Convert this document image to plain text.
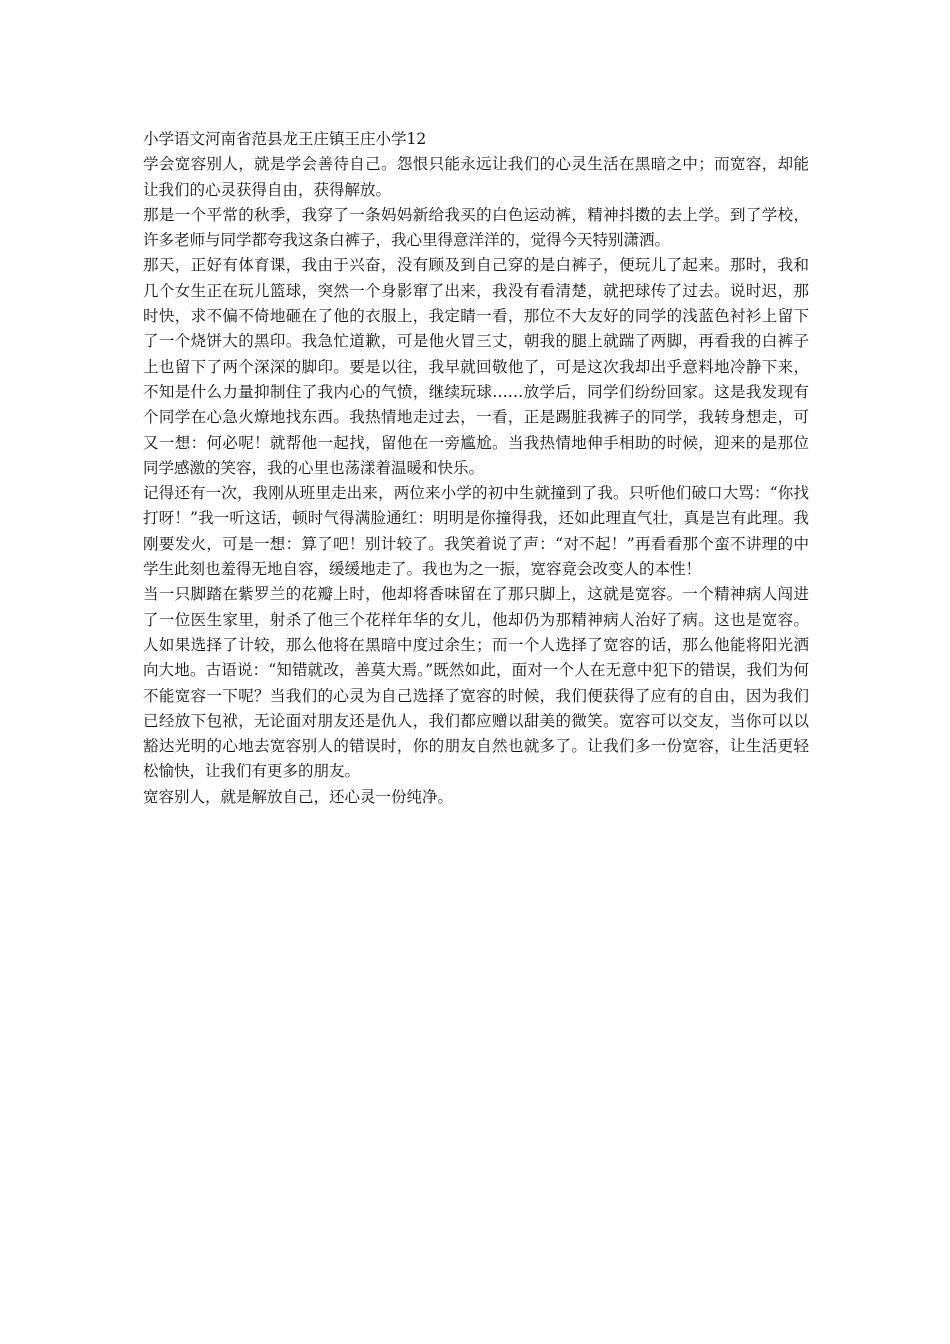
小学语文河南省范县龙王庄镇王庄小学12

学会宽容别人，就是学会善待自己。怨恨只能永远让我们的心灵生活在黑暗之中；而宽容，却能让我们的心灵获得自由，获得解放。

那是一个平常的秋季，我穿了一条妈妈新给我买的白色运动裤，精神抖擞的去上学。到了学校，许多老师与同学都夸我这条白裤子，我心里得意洋洋的，觉得今天特别潇洒。

那天，正好有体育课，我由于兴奋，没有顾及到自己穿的是白裤子，便玩儿了起来。那时，我和几个女生正在玩儿篮球，突然一个身影窜了出来，我没有看清楚，就把球传了过去。说时迟，那时快，求不偏不倚地砸在了他的衣服上，我定睛一看，那位不大友好的同学的浅蓝色衬衫上留下了一个烧饼大的黑印。我急忙道歉，可是他火冒三丈，朝我的腿上就踹了两脚，再看我的白裤子上也留下了两个深深的脚印。要是以往，我早就回敬他了，可是这次我却出乎意料地冷静下来，不知是什么力量抑制住了我内心的气愤，继续玩球……放学后，同学们纷纷回家。这是我发现有个同学在心急火燎地找东西。我热情地走过去，一看，正是踢脏我裤子的同学，我转身想走，可又一想：何必呢！就帮他一起找，留他在一旁尴尬。当我热情地伸手相助的时候，迎来的是那位同学感激的笑容，我的心里也荡漾着温暖和快乐。

记得还有一次，我刚从班里走出来，两位来小学的初中生就撞到了我。只听他们破口大骂：“你找打呀！”我一听这话，顿时气得满脸通红：明明是你撞得我，还如此理直气壮，真是岂有此理。我刚要发火，可是一想：算了吧！别计较了。我笑着说了声：“对不起！”再看看那个蛮不讲理的中学生此刻也羞得无地自容，缓缓地走了。我也为之一振，宽容竟会改变人的本性！

当一只脚踏在紫罗兰的花瓣上时，他却将香味留在了那只脚上，这就是宽容。一个精神病人闯进了一位医生家里，射杀了他三个花样年华的女儿，他却仍为那精神病人治好了病。这也是宽容。人如果选择了计较，那么他将在黑暗中度过余生；而一个人选择了宽容的话，那么他能将阳光洒向大地。古语说：“知错就改，善莫大焉。”既然如此，面对一个人在无意中犯下的错误，我们为何不能宽容一下呢？当我们的心灵为自己选择了宽容的时候，我们便获得了应有的自由，因为我们已经放下包袱，无论面对朋友还是仇人，我们都应赠以甜美的微笑。宽容可以交友，当你可以以豁达光明的心地去宽容别人的错误时，你的朋友自然也就多了。让我们多一份宽容，让生活更轻松愉快，让我们有更多的朋友。

宽容别人，就是解放自己，还心灵一份纯净。
